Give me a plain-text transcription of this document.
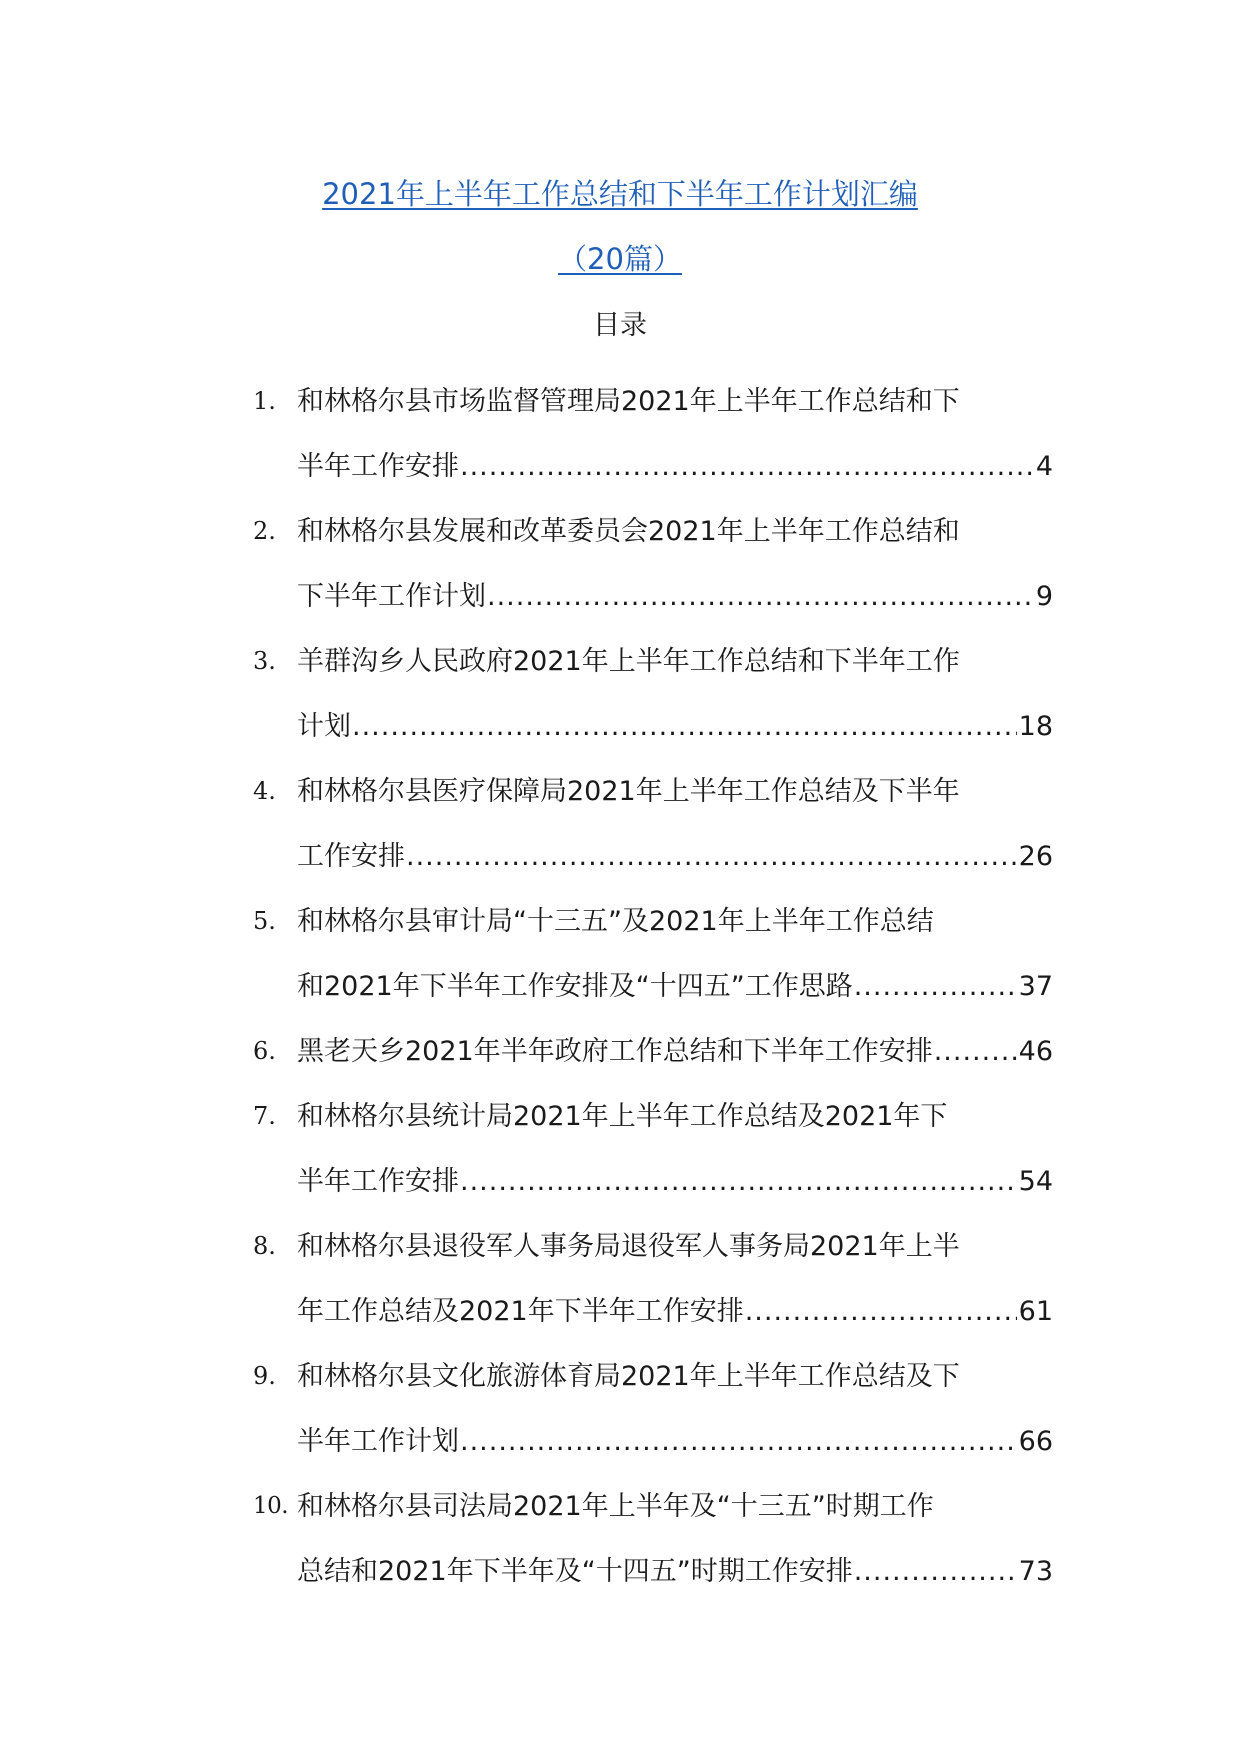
2021年上半年工作总结和下半年工作计划汇编
（20篇）
目录
1. 和林格尔县市场监督管理局2021年上半年工作总结和下
半年工作安排 .....	4
2. 和林格尔县发展和改革委员会2021年上半年工作总结和
下半年工作计划 .....	9
3. 羊群沟乡人民政府2021年上半年工作总结和下半年工作
计划 .....	18
4. 和林格尔县医疗保障局2021年上半年工作总结及下半年
工作安排 .....	26
5. 和林格尔县审计局“十三五”及2021年上半年工作总结
和2021年下半年工作安排及“十四五”工作思路 .....	37
6. 黑老天乡2021年半年政府工作总结和下半年工作安排 .....	46
7. 和林格尔县统计局2021年上半年工作总结及2021年下
半年工作安排 .....	54
8. 和林格尔县退役军人事务局退役军人事务局2021年上半
年工作总结及2021年下半年工作安排 .....	61
9. 和林格尔县文化旅游体育局2021年上半年工作总结及下
半年工作计划 .....	66
10. 和林格尔县司法局2021年上半年及“十三五”时期工作
总结和2021年下半年及“十四五”时期工作安排 .....	73
